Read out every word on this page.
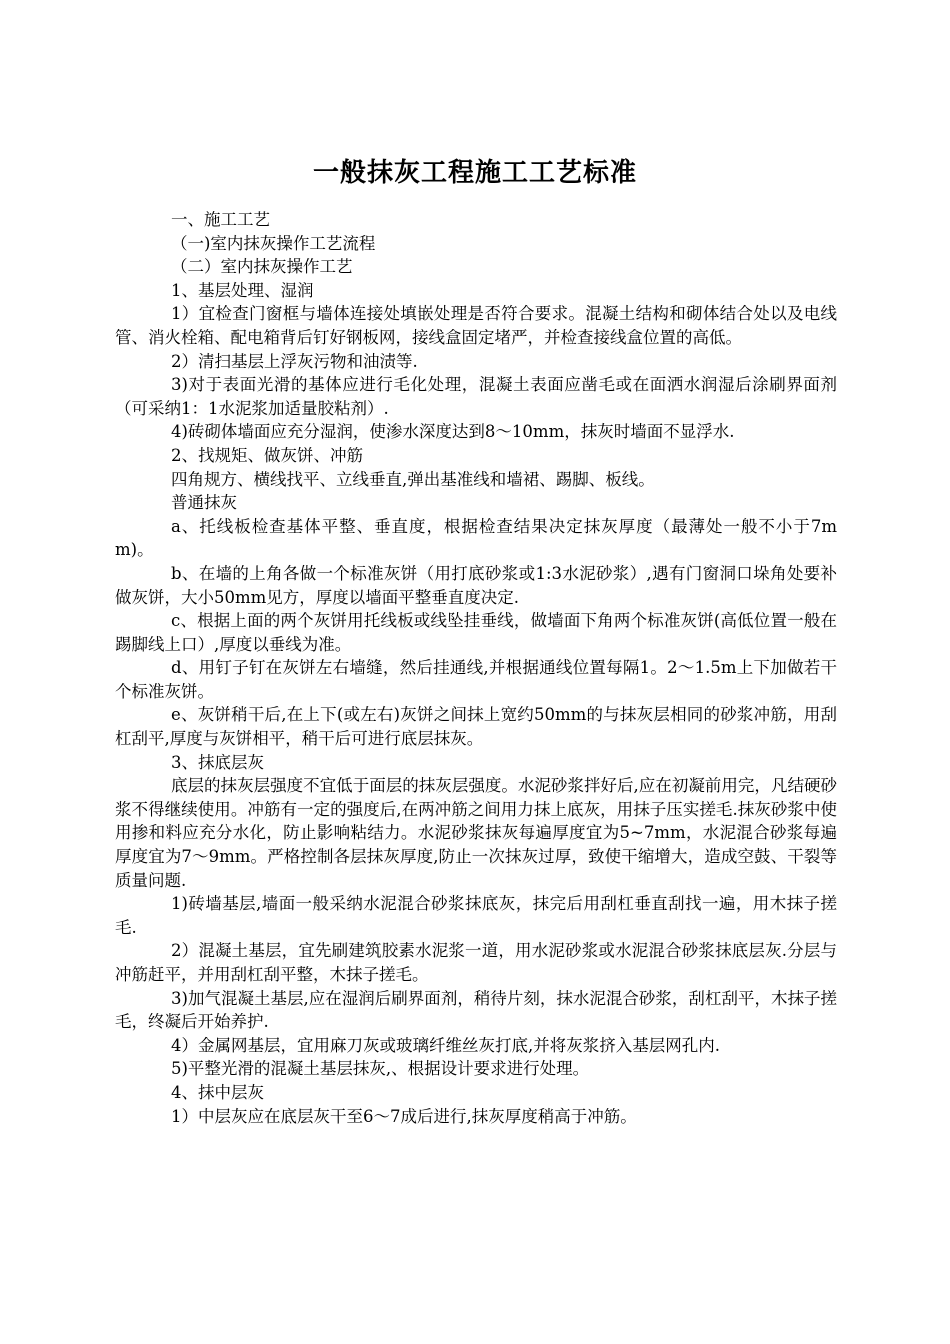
一般抹灰工程施工工艺标准

一、施工工艺

（一)室内抹灰操作工艺流程

（二）室内抹灰操作工艺

1、基层处理、湿润

1）宜检查门窗框与墙体连接处填嵌处理是否符合要求。混凝土结构和砌体结合处以及电线管、消火栓箱、配电箱背后钉好钢板网，接线盒固定堵严，并检查接线盒位置的高低。

2）清扫基层上浮灰污物和油渍等.

3)对于表面光滑的基体应进行毛化处理，混凝土表面应凿毛或在面洒水润湿后涂刷界面剂（可采纳1：1水泥浆加适量胶粘剂）.

4)砖砌体墙面应充分湿润，使渗水深度达到8～10mm，抹灰时墙面不显浮水.

2、找规矩、做灰饼、冲筋

四角规方、横线找平、立线垂直,弹出基准线和墙裙、踢脚、板线。

普通抹灰

a、托线板检查基体平整、垂直度，根据检查结果决定抹灰厚度（最薄处一般不小于7mm)。

b、在墙的上角各做一个标准灰饼（用打底砂浆或1:3水泥砂浆）,遇有门窗洞口垛角处要补做灰饼，大小50mm见方，厚度以墙面平整垂直度决定.

c、根据上面的两个灰饼用托线板或线坠挂垂线，做墙面下角两个标准灰饼(高低位置一般在踢脚线上口）,厚度以垂线为准。

d、用钉子钉在灰饼左右墙缝，然后挂通线,并根据通线位置每隔1。2～1.5m上下加做若干个标准灰饼。

e、灰饼稍干后,在上下(或左右)灰饼之间抹上宽约50mm的与抹灰层相同的砂浆冲筋，用刮杠刮平,厚度与灰饼相平，稍干后可进行底层抹灰。

3、抹底层灰

底层的抹灰层强度不宜低于面层的抹灰层强度。水泥砂浆拌好后,应在初凝前用完，凡结硬砂浆不得继续使用。冲筋有一定的强度后,在两冲筋之间用力抹上底灰，用抹子压实搓毛.抹灰砂浆中使用掺和料应充分水化，防止影响粘结力。水泥砂浆抹灰每遍厚度宜为5~7mm，水泥混合砂浆每遍厚度宜为7～9mm。严格控制各层抹灰厚度,防止一次抹灰过厚，致使干缩增大，造成空鼓、干裂等质量问题.

1)砖墙基层,墙面一般采纳水泥混合砂浆抹底灰，抹完后用刮杠垂直刮找一遍，用木抹子搓毛.

2）混凝土基层，宜先刷建筑胶素水泥浆一道，用水泥砂浆或水泥混合砂浆抹底层灰.分层与冲筋赶平，并用刮杠刮平整，木抹子搓毛。

3)加气混凝土基层,应在湿润后刷界面剂，稍待片刻，抹水泥混合砂浆，刮杠刮平，木抹子搓毛，终凝后开始养护.

4）金属网基层，宜用麻刀灰或玻璃纤维丝灰打底,并将灰浆挤入基层网孔内.

5)平整光滑的混凝土基层抹灰,、根据设计要求进行处理。

4、抹中层灰

1）中层灰应在底层灰干至6～7成后进行,抹灰厚度稍高于冲筋。
